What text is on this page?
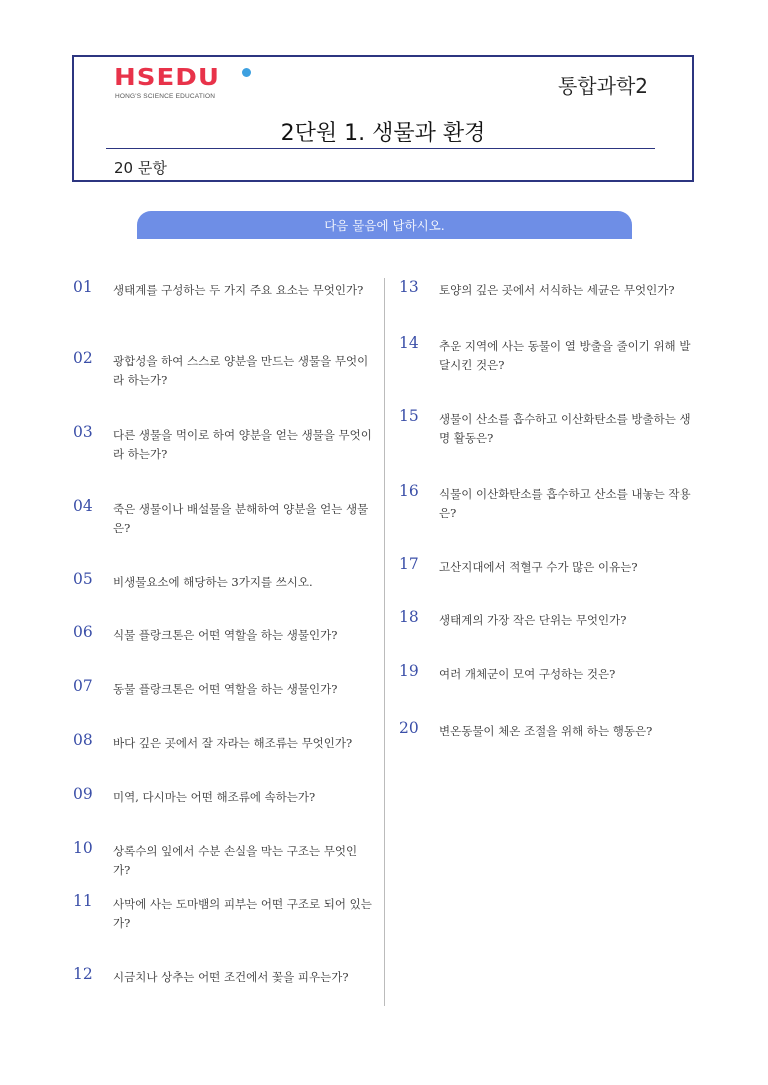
HSEDU
HONG'S SCIENCE EDUCATION	통합과학2
2단원 1. 생물과 환경
20 문항
다음 물음에 답하시오.
01 생태계를 구성하는 두 가지 주요 요소는 무엇인가?
02 광합성을 하여 스스로 양분을 만드는 생물을 무엇이라 하는가?
03 다른 생물을 먹이로 하여 양분을 얻는 생물을 무엇이라 하는가?
04 죽은 생물이나 배설물을 분해하여 양분을 얻는 생물은?
05 비생물요소에 해당하는 3가지를 쓰시오.
06 식물 플랑크톤은 어떤 역할을 하는 생물인가?
07 동물 플랑크톤은 어떤 역할을 하는 생물인가?
08 바다 깊은 곳에서 잘 자라는 해조류는 무엇인가?
09 미역, 다시마는 어떤 해조류에 속하는가?
10 상록수의 잎에서 수분 손실을 막는 구조는 무엇인가?
11 사막에 사는 도마뱀의 피부는 어떤 구조로 되어 있는가?
12 시금치나 상추는 어떤 조건에서 꽃을 피우는가?
13 토양의 깊은 곳에서 서식하는 세균은 무엇인가?
14 추운 지역에 사는 동물이 열 방출을 줄이기 위해 발달시킨 것은?
15 생물이 산소를 흡수하고 이산화탄소를 방출하는 생명 활동은?
16 식물이 이산화탄소를 흡수하고 산소를 내놓는 작용은?
17 고산지대에서 적혈구 수가 많은 이유는?
18 생태계의 가장 작은 단위는 무엇인가?
19 여러 개체군이 모여 구성하는 것은?
20 변온동물이 체온 조절을 위해 하는 행동은?
